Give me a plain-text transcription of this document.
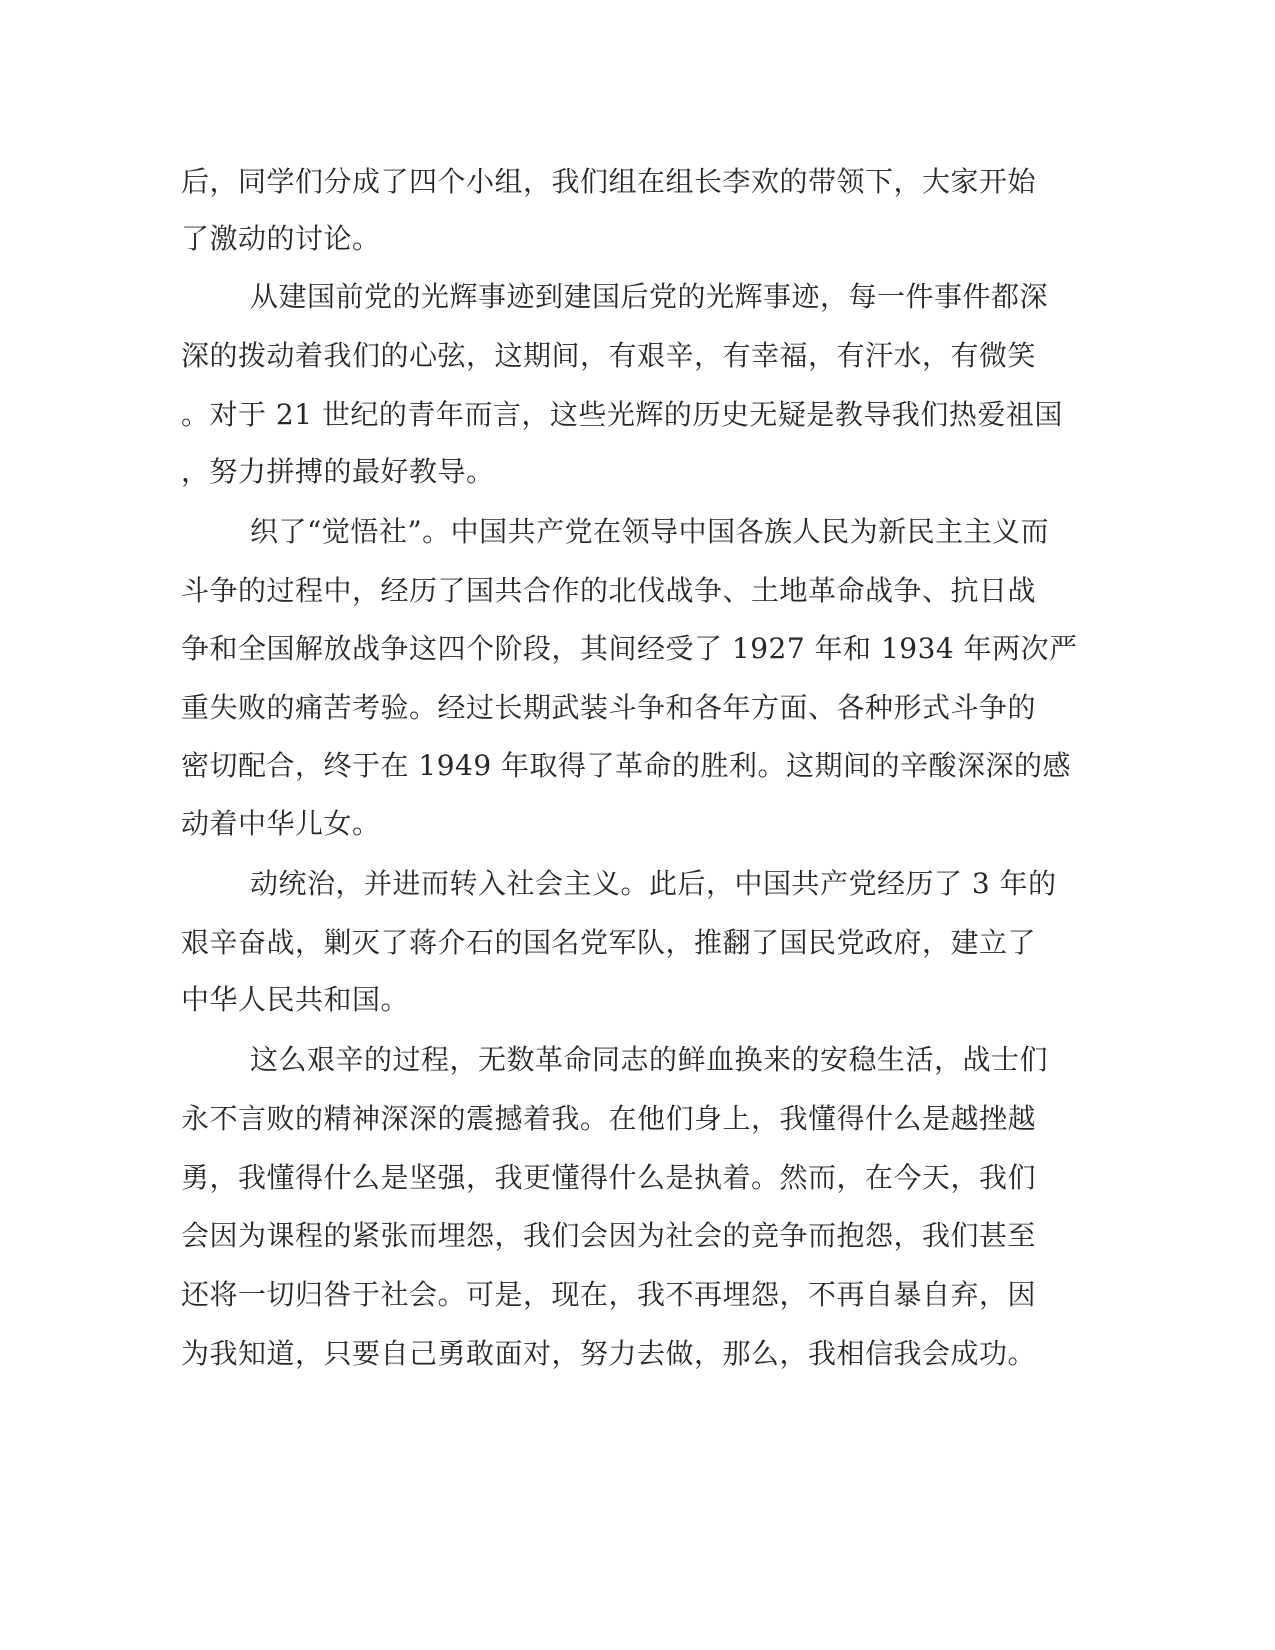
后，同学们分成了四个小组，我们组在组长李欢的带领下，大家开始
了激动的讨论。
从建国前党的光辉事迹到建国后党的光辉事迹，每一件事件都深
深的拨动着我们的心弦，这期间，有艰辛，有幸福，有汗水，有微笑
。对于 21 世纪的青年而言，这些光辉的历史无疑是教导我们热爱祖国
，努力拼搏的最好教导。
织了“觉悟社”。中国共产党在领导中国各族人民为新民主主义而
斗争的过程中，经历了国共合作的北伐战争、土地革命战争、抗日战
争和全国解放战争这四个阶段，其间经受了 1927 年和 1934 年两次严
重失败的痛苦考验。经过长期武装斗争和各年方面、各种形式斗争的
密切配合，终于在 1949 年取得了革命的胜利。这期间的辛酸深深的感
动着中华儿女。
动统治，并进而转入社会主义。此后，中国共产党经历了 3 年的
艰辛奋战，剿灭了蒋介石的国名党军队，推翻了国民党政府，建立了
中华人民共和国。
这么艰辛的过程，无数革命同志的鲜血换来的安稳生活，战士们
永不言败的精神深深的震撼着我。在他们身上，我懂得什么是越挫越
勇，我懂得什么是坚强，我更懂得什么是执着。然而，在今天，我们
会因为课程的紧张而埋怨，我们会因为社会的竞争而抱怨，我们甚至
还将一切归咎于社会。可是，现在，我不再埋怨，不再自暴自弃，因
为我知道，只要自己勇敢面对，努力去做，那么，我相信我会成功。
